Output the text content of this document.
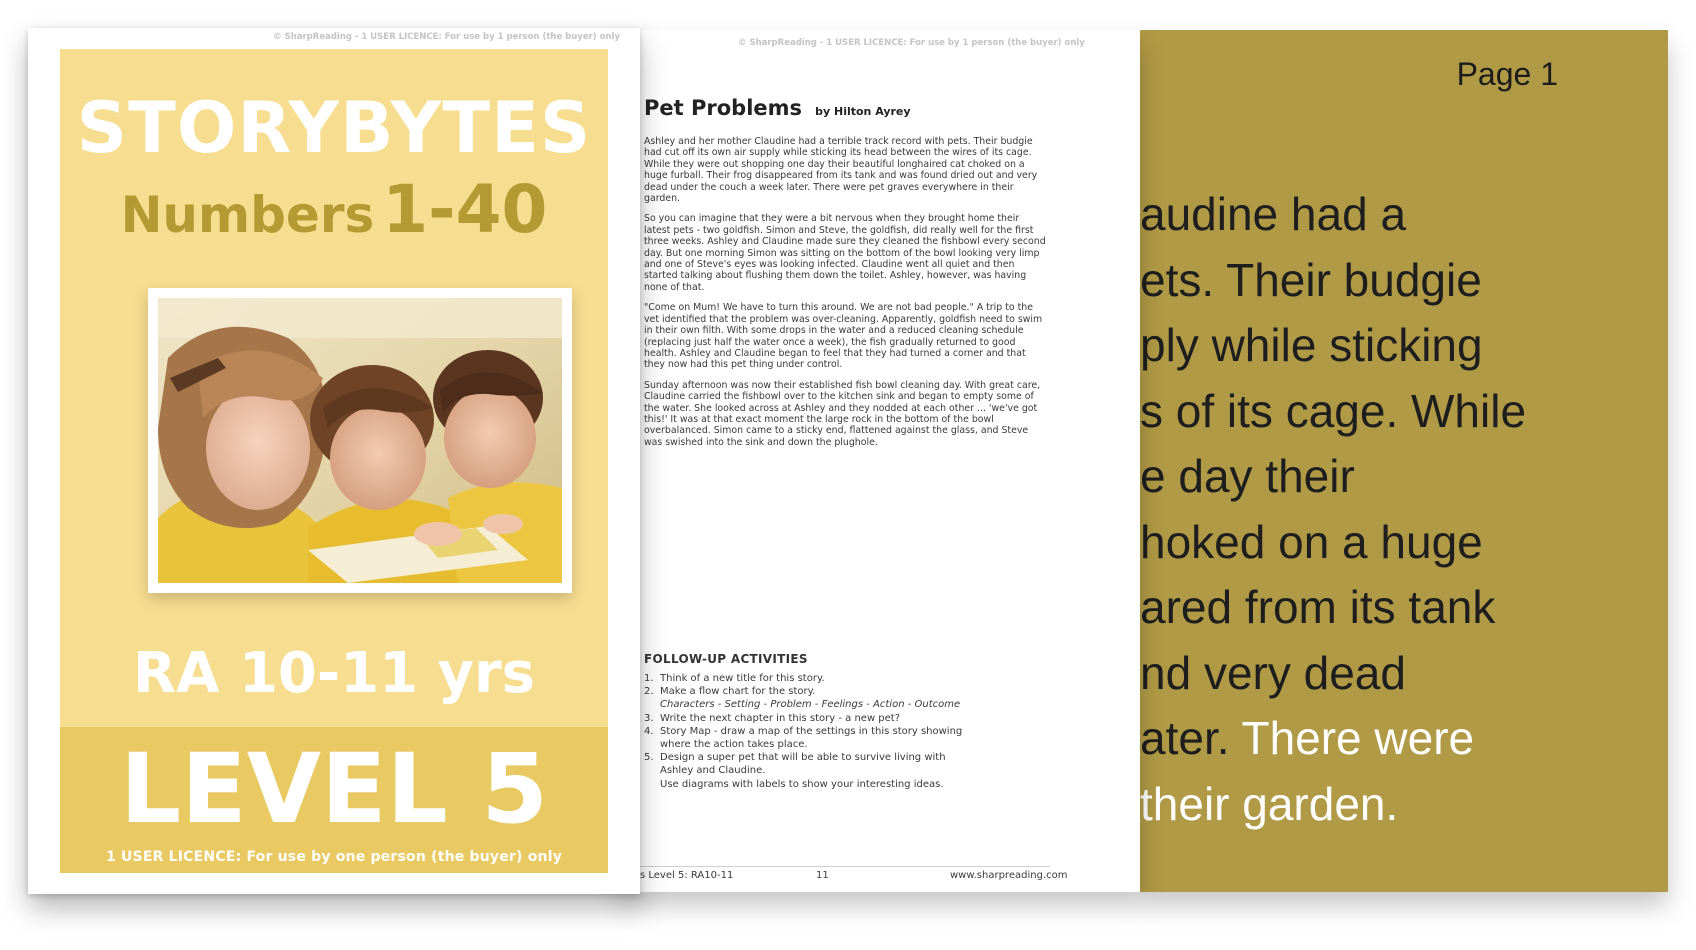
© SharpReading - 1 USER LICENCE: For use by 1 person (the buyer) only
STORYBYTES
Numbers 1-40
RA 10-11 yrs
LEVEL 5
1 USER LICENCE: For use by one person (the buyer) only
© SharpReading - 1 USER LICENCE: For use by 1 person (the buyer) only
Pet Problems by Hilton Ayrey

Ashley and her mother Claudine had a terrible track record with pets. Their budgie had cut off its own air supply while sticking its head between the wires of its cage. While they were out shopping one day their beautiful longhaired cat choked on a huge furball. Their frog disappeared from its tank and was found dried out and very dead under the couch a week later. There were pet graves everywhere in their garden.

So you can imagine that they were a bit nervous when they brought home their latest pets - two goldfish. Simon and Steve, the goldfish, did really well for the first three weeks. Ashley and Claudine made sure they cleaned the fishbowl every second day. But one morning Simon was sitting on the bottom of the bowl looking very limp and one of Steve's eyes was looking infected. Claudine went all quiet and then started talking about flushing them down the toilet. Ashley, however, was having none of that.

"Come on Mum! We have to turn this around. We are not bad people." A trip to the vet identified that the problem was over-cleaning. Apparently, goldfish need to swim in their own filth. With some drops in the water and a reduced cleaning schedule (replacing just half the water once a week), the fish gradually returned to good health. Ashley and Claudine began to feel that they had turned a corner and that they now had this pet thing under control.

Sunday afternoon was now their established fish bowl cleaning day. With great care, Claudine carried the fishbowl over to the kitchen sink and began to empty some of the water. She looked across at Ashley and they nodded at each other ... 'we've got this!' It was at that exact moment the large rock in the bottom of the bowl overbalanced. Simon came to a sticky end, flattened against the glass, and Steve was swished into the sink and down the plughole.

FOLLOW-UP ACTIVITIES
1. Think of a new title for this story.
2. Make a flow chart for the story.
Characters - Setting - Problem - Feelings - Action - Outcome
3. Write the next chapter in this story - a new pet?
4. Story Map - draw a map of the settings in this story showing
where the action takes place.
5. Design a super pet that will be able to survive living with
Ashley and Claudine.
Use diagrams with labels to show your interesting ideas.
s Level 5: RA10-11	11	www.sharpreading.com
Page 1
audine had a
ets. Their budgie
ply while sticking
s of its cage. While
e day their
hoked on a huge
ared from its tank
nd very dead
ater. There were
their garden.
